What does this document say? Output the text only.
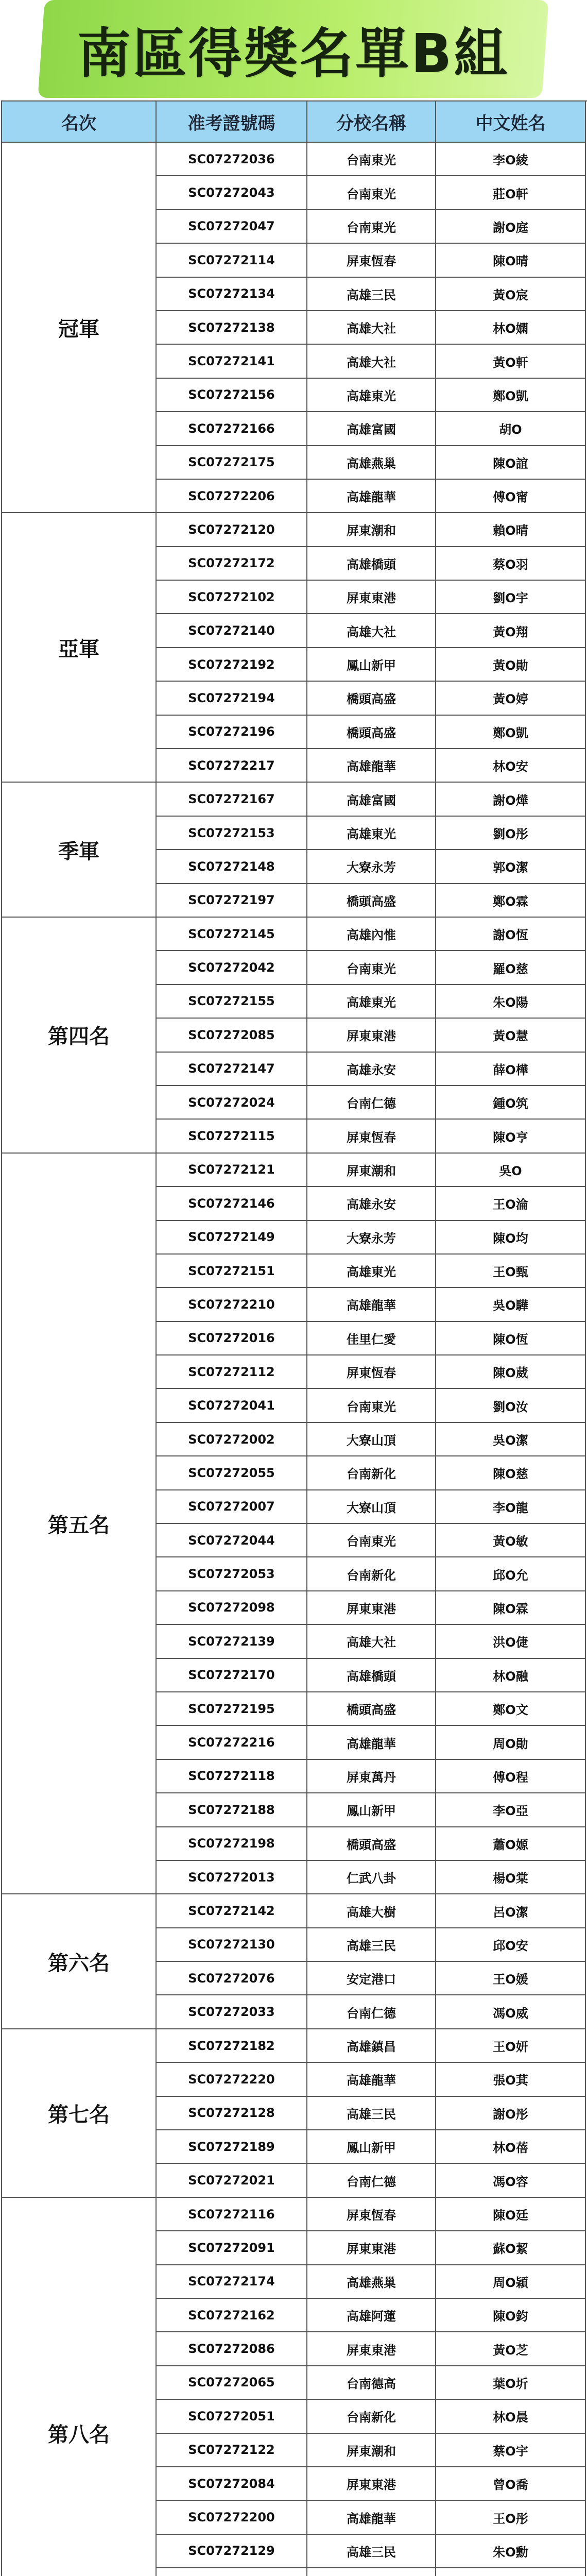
南區得獎名單B組
名次	准考證號碼	分校名稱	中文姓名
冠軍
SC07272036	台南東光	李O綾
SC07272043	台南東光	莊O軒
SC07272047	台南東光	謝O庭
SC07272114	屏東恆春	陳O晴
SC07272134	高雄三民	黃O宸
SC07272138	高雄大社	林O嫻
SC07272141	高雄大社	黃O軒
SC07272156	高雄東光	鄭O凱
SC07272166	高雄富國	胡O
SC07272175	高雄燕巢	陳O誼
SC07272206	高雄龍華	傅O甯
亞軍
SC07272120	屏東潮和	賴O晴
SC07272172	高雄橋頭	蔡O羽
SC07272102	屏東東港	劉O宇
SC07272140	高雄大社	黃O翔
SC07272192	鳳山新甲	黃O勛
SC07272194	橋頭高盛	黃O婷
SC07272196	橋頭高盛	鄭O凱
SC07272217	高雄龍華	林O安
季軍
SC07272167	高雄富國	謝O燁
SC07272153	高雄東光	劉O彤
SC07272148	大寮永芳	郭O潔
SC07272197	橋頭高盛	鄭O霖
第四名
SC07272145	高雄內惟	謝O恆
SC07272042	台南東光	羅O慈
SC07272155	高雄東光	朱O陽
SC07272085	屏東東港	黃O慧
SC07272147	高雄永安	薛O樺
SC07272024	台南仁德	鍾O筑
SC07272115	屏東恆春	陳O亨
第五名
SC07272121	屏東潮和	吳O
SC07272146	高雄永安	王O淪
SC07272149	大寮永芳	陳O均
SC07272151	高雄東光	王O甄
SC07272210	高雄龍華	吳O驊
SC07272016	佳里仁愛	陳O恆
SC07272112	屏東恆春	陳O葳
SC07272041	台南東光	劉O汝
SC07272002	大寮山頂	吳O潔
SC07272055	台南新化	陳O慈
SC07272007	大寮山頂	李O龍
SC07272044	台南東光	黃O敏
SC07272053	台南新化	邱O允
SC07272098	屏東東港	陳O霖
SC07272139	高雄大社	洪O倢
SC07272170	高雄橋頭	林O融
SC07272195	橋頭高盛	鄭O文
SC07272216	高雄龍華	周O勛
SC07272118	屏東萬丹	傅O程
SC07272188	鳳山新甲	李O亞
SC07272198	橋頭高盛	蕭O嫄
SC07272013	仁武八卦	楊O棠
第六名
SC07272142	高雄大樹	呂O潔
SC07272130	高雄三民	邱O安
SC07272076	安定港口	王O媛
SC07272033	台南仁德	馮O威
第七名
SC07272182	高雄鎮昌	王O妍
SC07272220	高雄龍華	張O萁
SC07272128	高雄三民	謝O彤
SC07272189	鳳山新甲	林O蓓
SC07272021	台南仁德	馮O容
第八名
SC07272116	屏東恆春	陳O廷
SC07272091	屏東東港	蘇O絜
SC07272174	高雄燕巢	周O穎
SC07272162	高雄阿蓮	陳O鈞
SC07272086	屏東東港	黃O芝
SC07272065	台南德高	葉O圻
SC07272051	台南新化	林O晨
SC07272122	屏東潮和	蔡O宇
SC07272084	屏東東港	曾O喬
SC07272200	高雄龍華	王O彤
SC07272129	高雄三民	朱O勳
